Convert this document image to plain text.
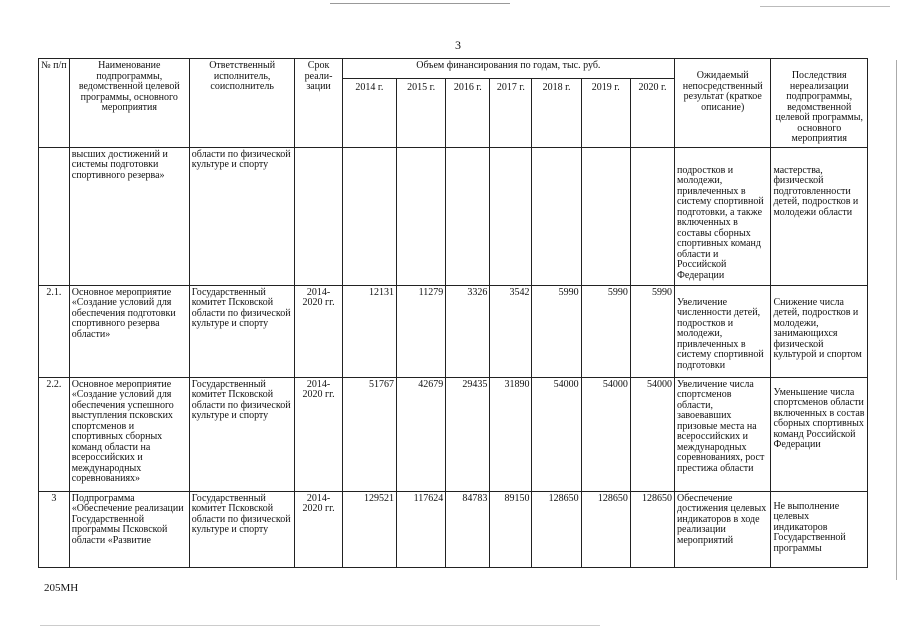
3
№ п/п	Наименование подпрограммы, ведомственной целевой программы, основного мероприятия	Ответственный исполнитель, соисполнитель	Срок реали-зации	Объем финансирования по годам, тыс. руб.							Ожидаемый непосредственный результат (краткое описание)	Последствия нереализации подпрограммы, ведомственной целевой программы, основного мероприятия
				2014 г.	2015 г.	2016 г.	2017 г.	2018 г.	2019 г.	2020 г.		
	высших достижений и системы подготовки спортивного резерва»	области по физической культуре и спорту									подростков и молодежи, привлеченных в систему спортивной подготовки, а также включенных в составы сборных спортивных команд области и Российской Федерации	мастерства, физической подготовленности детей, подростков и молодежи области
2.1.	Основное мероприятие «Создание условий для обеспечения подготовки спортивного резерва области»	Государственный комитет Псковской области по физической культуре и спорту	2014-2020 гг.	12131	11279	3326	3542	5990	5990	5990	Увеличение численности детей, подростков и молодежи, привлеченных в систему спортивной подготовки	Снижение числа детей, подростков и молодежи, занимающихся физической культурой и спортом
2.2.	Основное мероприятие «Создание условий для обеспечения успешного выступления псковских спортсменов и спортивных сборных команд области на всероссийских и международных соревнованиях»	Государственный комитет Псковской области по физической культуре и спорту	2014-2020 гг.	51767	42679	29435	31890	54000	54000	54000	Увеличение числа спортсменов области, завоевавших призовые места на всероссийских и международных соревнованиях, рост престижа области	Уменьшение числа спортсменов области включенных в состав сборных спортивных команд Российской Федерации
3	Подпрограмма «Обеспечение реализации Государственной программы Псковской области «Развитие	Государственный комитет Псковской области по физической культуре и спорту	2014-2020 гг.	129521	117624	84783	89150	128650	128650	128650	Обеспечение достижения целевых индикаторов в ходе реализации мероприятий	Не выполнение целевых индикаторов Государственной программы
205МН
